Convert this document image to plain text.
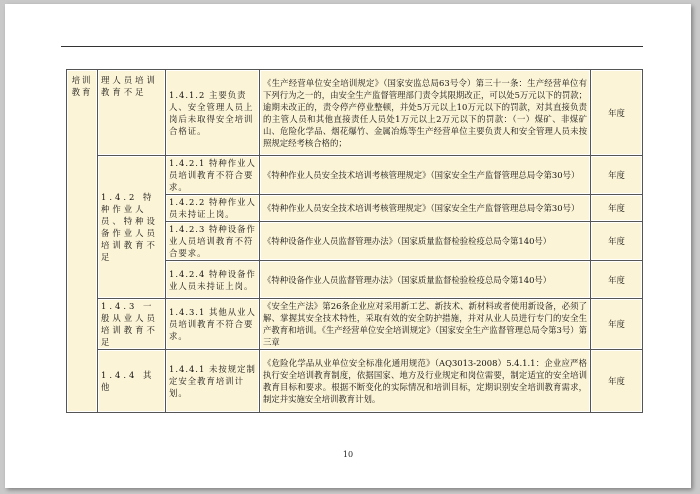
培训教育	理人员培训教育不足	1.4.1.2 主要负责人、安全管理人员上岗后未取得安全培训合格证。	《生产经营单位安全培训规定》（国家安监总局63号令）第三十一条：生产经营单位有下列行为之一的，由安全生产监督管理部门责令其限期改正，可以处5万元以下的罚款；逾期未改正的，责令停产停业整顿，并处5万元以上10万元以下的罚款，对其直接负责的主管人员和其他直接责任人员处1万元以上2万元以下的罚款：（一）煤矿、非煤矿山、危险化学品、烟花爆竹、金属冶炼等生产经营单位主要负责人和安全管理人员未按照规定经考核合格的；	年度
	1.4.2 特种作业人员、特种设备作业人员培训教育不足	1.4.2.1 特种作业人员培训教育不符合要求。	《特种作业人员安全技术培训考核管理规定》（国家安全生产监督管理总局令第30号）	年度
		1.4.2.2 特种作业人员未持证上岗。	《特种作业人员安全技术培训考核管理规定》（国家安全生产监督管理总局令第30号）	年度
		1.4.2.3 特种设备作业人员培训教育不符合要求。	《特种设备作业人员监督管理办法》（国家质量监督检验检疫总局令第140号）	年度
		1.4.2.4 特种设备作业人员未持证上岗。	《特种设备作业人员监督管理办法》（国家质量监督检验检疫总局令第140号）	年度
	1.4.3 一般从业人员培训教育不足	1.4.3.1 其他从业人员培训教育不符合要求。	《安全生产法》第26条企业应对采用新工艺、新技术、新材料或者使用新设备，必须了解、掌握其安全技术特性，采取有效的安全防护措施，并对从业人员进行专门的安全生产教育和培训。《生产经营单位安全培训规定》（国家安全生产监督管理总局令第3号）第三章	年度
	1.4.4 其他	1.4.4.1 未按规定制定安全教育培训计划。	《危险化学品从业单位安全标准化通用规范》（AQ3013-2008）5.4.1.1：企业应严格执行安全培训教育制度，依据国家、地方及行业规定和岗位需要，制定适宜的安全培训教育目标和要求。根据不断变化的实际情况和培训目标，定期识别安全培训教育需求，制定并实施安全培训教育计划。	年度
10
